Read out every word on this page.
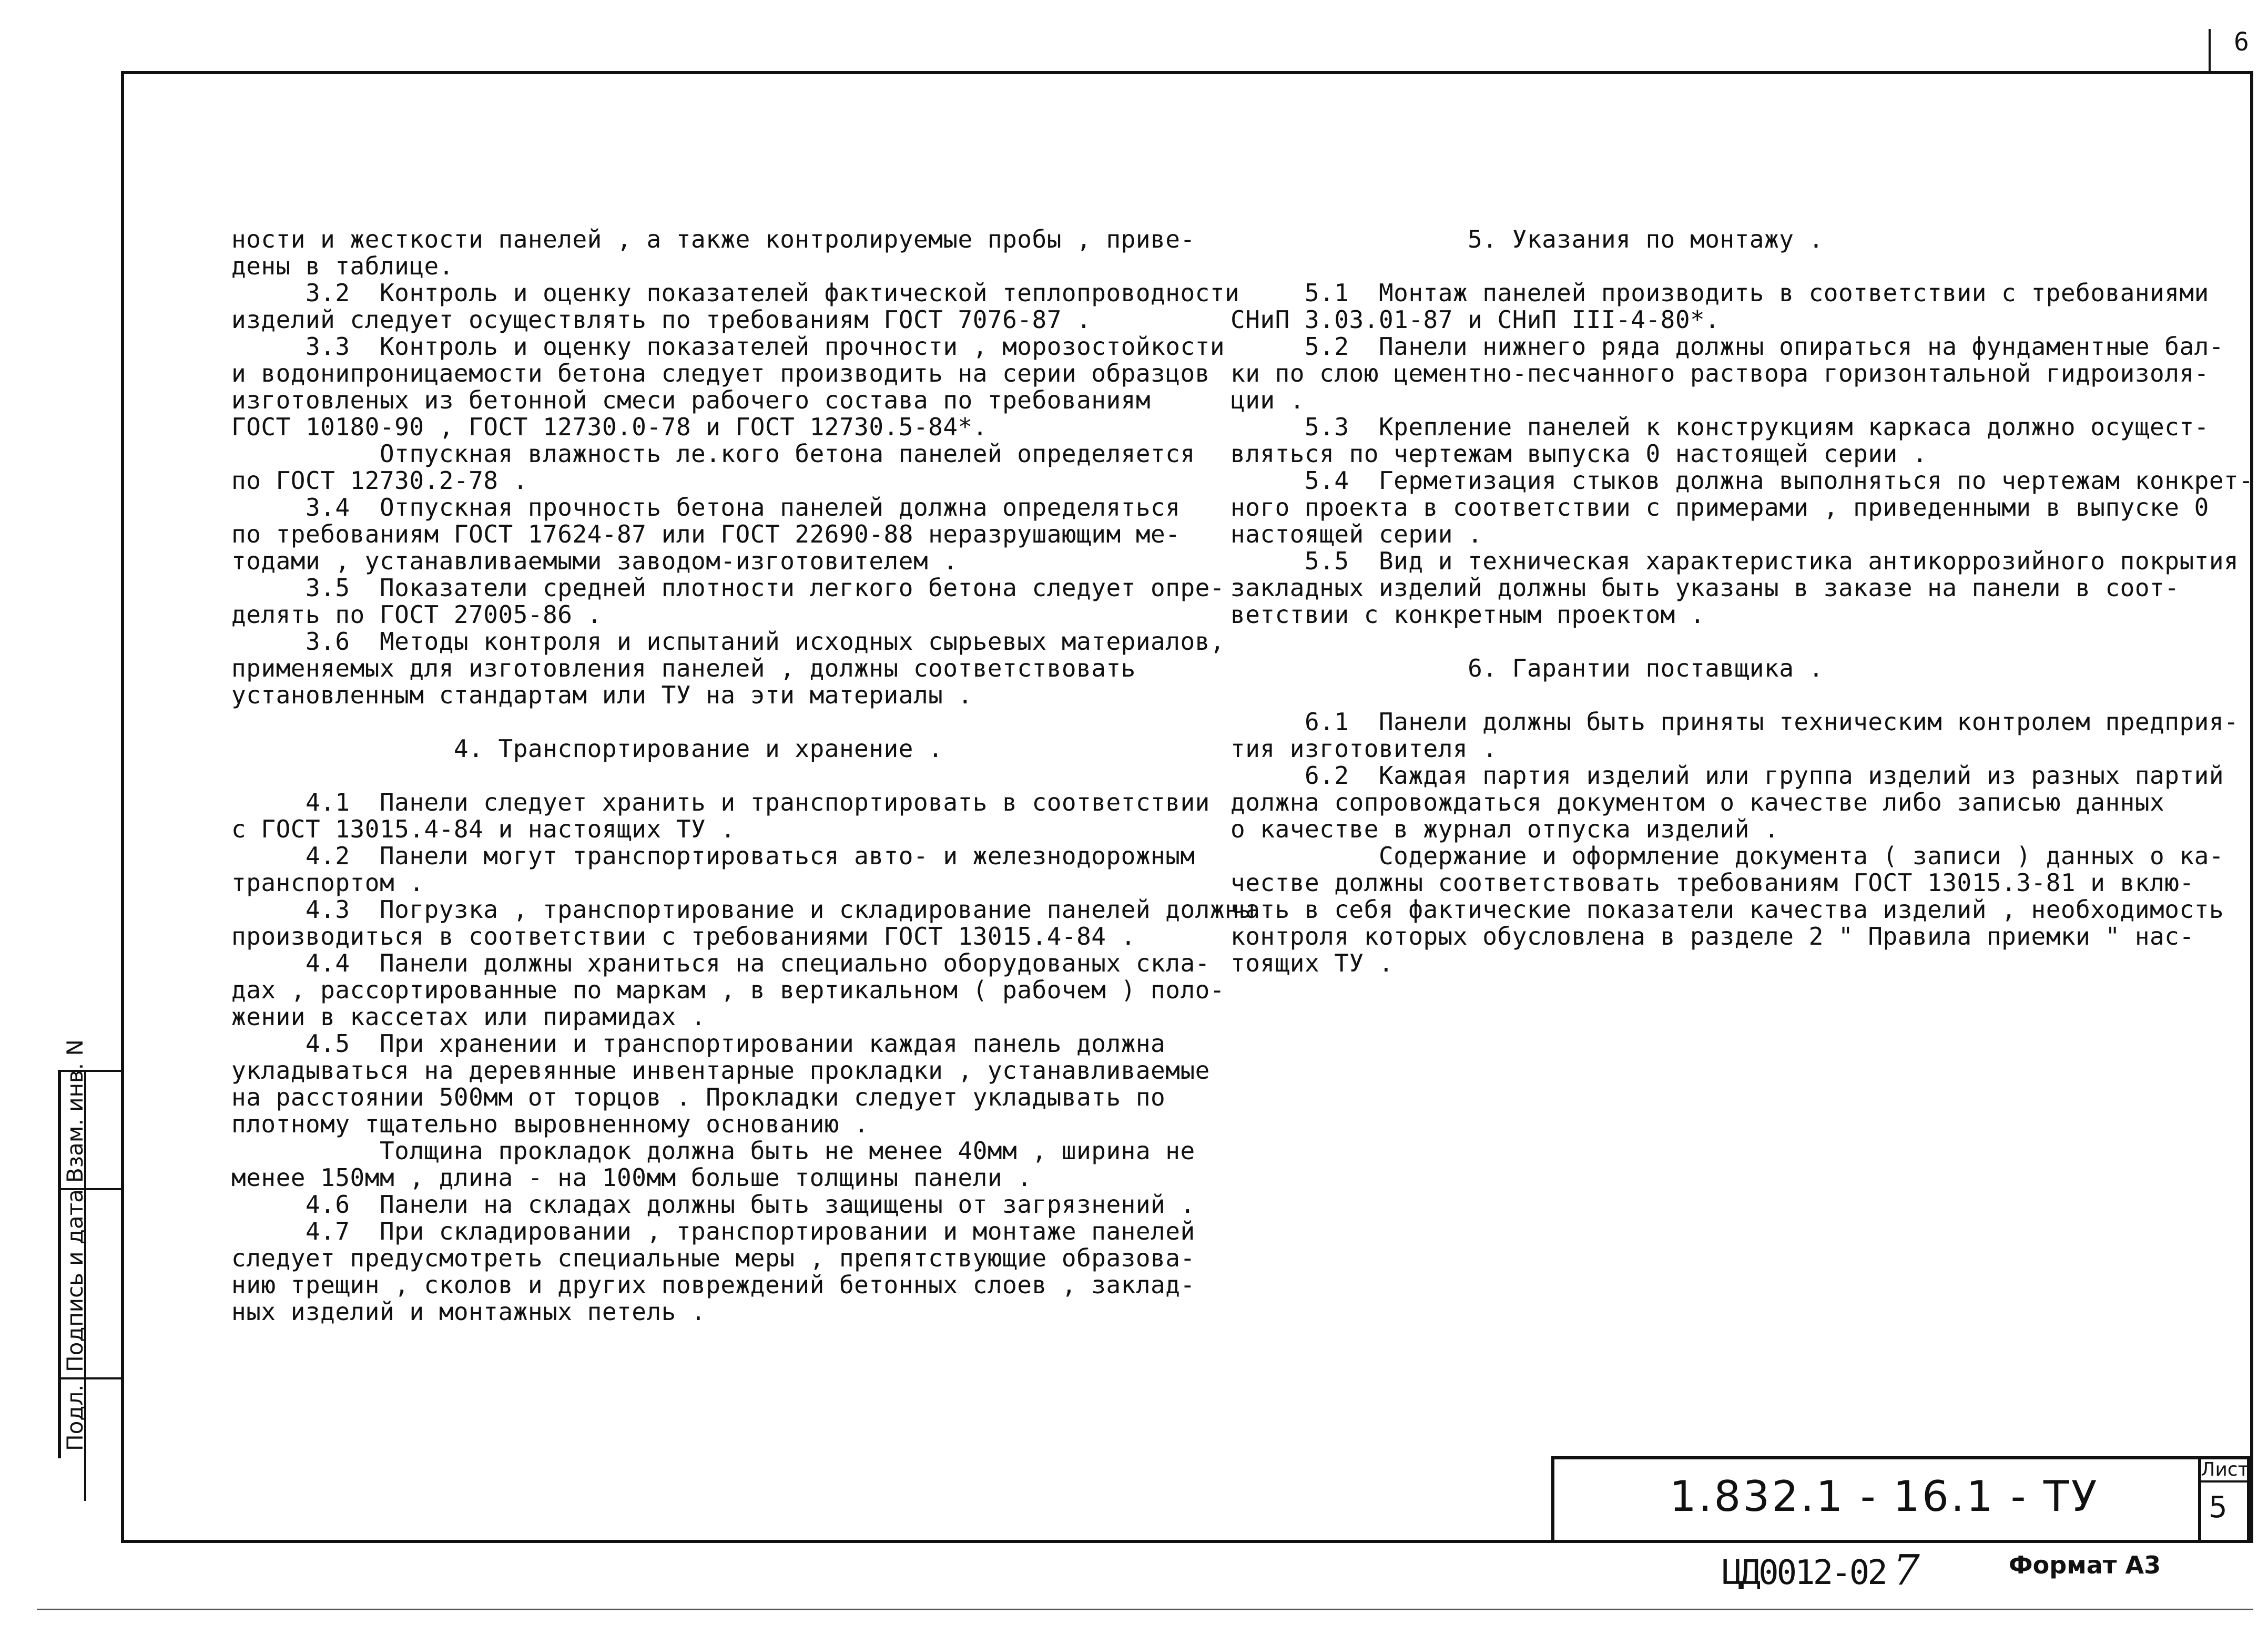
6
ности и жесткости панелей , а также контролируемые пробы , приве-
дены в таблице.
3.2  Контроль и оценку показателей фактической теплопроводности
изделий следует осуществлять по требованиям ГОСТ 7076-87 .
3.3  Контроль и оценку показателей прочности , морозостойкости
и водонипроницаемости бетона следует производить на серии образцов
изготовленых из бетонной смеси рабочего состава по требованиям
ГОСТ 10180-90 , ГОСТ 12730.0-78 и ГОСТ 12730.5-84*.
Отпускная влажность ле.кого бетона панелей определяется
по ГОСТ 12730.2-78 .
3.4  Отпускная прочность бетона панелей должна определяться
по требованиям ГОСТ 17624-87 или ГОСТ 22690-88 неразрушающим ме-
тодами , устанавливаемыми заводом-изготовителем .
3.5  Показатели средней плотности легкого бетона следует опре-
делять по ГОСТ 27005-86 .
3.6  Методы контроля и испытаний исходных сырьевых материалов,
применяемых для изготовления панелей , должны соответствовать
установленным стандартам или ТУ на эти материалы .

4. Транспортирование и хранение .

4.1  Панели следует хранить и транспортировать в соответствии
с ГОСТ 13015.4-84 и настоящих ТУ .
4.2  Панели могут транспортироваться авто- и железнодорожным
транспортом .
4.3  Погрузка , транспортирование и складирование панелей должны
производиться в соответствии с требованиями ГОСТ 13015.4-84 .
4.4  Панели должны храниться на специально оборудованых скла-
дах , рассортированные по маркам , в вертикальном ( рабочем ) поло-
жении в кассетах или пирамидах .
4.5  При хранении и транспортировании каждая панель должна
укладываться на деревянные инвентарные прокладки , устанавливаемые
на расстоянии 500мм от торцов . Прокладки следует укладывать по
плотному тщательно выровненному основанию .
Толщина прокладок должна быть не менее 40мм , ширина не
менее 150мм , длина - на 100мм больше толщины панели .
4.6  Панели на складах должны быть защищены от загрязнений .
4.7  При складировании , транспортировании и монтаже панелей
следует предусмотреть специальные меры , препятствующие образова-
нию трещин , сколов и других повреждений бетонных слоев , заклад-
ных изделий и монтажных петель .
5. Указания по монтажу .

5.1  Монтаж панелей производить в соответствии с требованиями
СНиП 3.03.01-87 и СНиП III-4-80*.
5.2  Панели нижнего ряда должны опираться на фундаментные бал-
ки по слою цементно-песчанного раствора горизонтальной гидроизоля-
ции .
5.3  Крепление панелей к конструкциям каркаса должно осущест-
вляться по чертежам выпуска 0 настоящей серии .
5.4  Герметизация стыков должна выполняться по чертежам конкрет-
ного проекта в соответствии с примерами , приведенными в выпуске 0
настоящей серии .
5.5  Вид и техническая характеристика антикоррозийного покрытия
закладных изделий должны быть указаны в заказе на панели в соот-
ветствии с конкретным проектом .

6. Гарантии поставщика .

6.1  Панели должны быть приняты техническим контролем предприя-
тия изготовителя .
6.2  Каждая партия изделий или группа изделий из разных партий
должна сопровождаться документом о качестве либо записью данных
о качестве в журнал отпуска изделий .
Содержание и оформление документа ( записи ) данных о ка-
честве должны соответствовать требованиям ГОСТ 13015.3-81 и вклю-
чать в себя фактические показатели качества изделий , необходимость
контроля которых обусловлена в разделе 2 " Правила приемки " нас-
тоящих ТУ .
1.832.1 - 16.1 - ТУ
Лист
5
ЦД0012-02 7	Формат А3
Взам. инв. N
Подпись и дата
Подл.
